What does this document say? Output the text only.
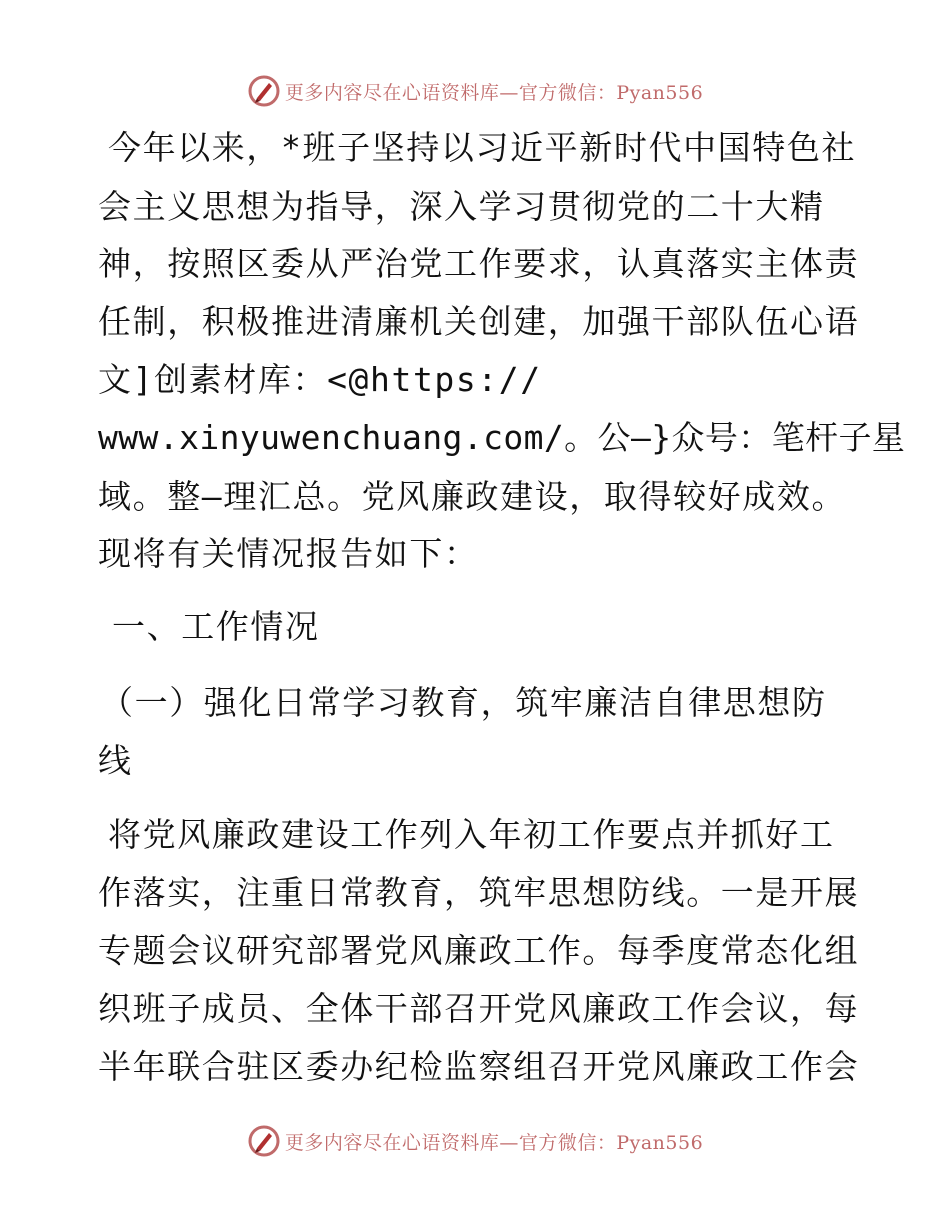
更多内容尽在心语资料库—官方微信：Pyan556
今年以来，*班子坚持以习近平新时代中国特色社
会主义思想为指导，深入学习贯彻党的二十大精
神，按照区委从严治党工作要求，认真落实主体责
任制，积极推进清廉机关创建，加强干部队伍心语
文]创素材库：<@https://
www.xinyuwenchuang.com/。公—}众号：笔杆子星
域。整—理汇总。党风廉政建设，取得较好成效。
现将有关情况报告如下：
一、工作情况
（一）强化日常学习教育，筑牢廉洁自律思想防
线
将党风廉政建设工作列入年初工作要点并抓好工
作落实，注重日常教育，筑牢思想防线。一是开展
专题会议研究部署党风廉政工作。每季度常态化组
织班子成员、全体干部召开党风廉政工作会议，每
半年联合驻区委办纪检监察组召开党风廉政工作会
更多内容尽在心语资料库—官方微信：Pyan556
